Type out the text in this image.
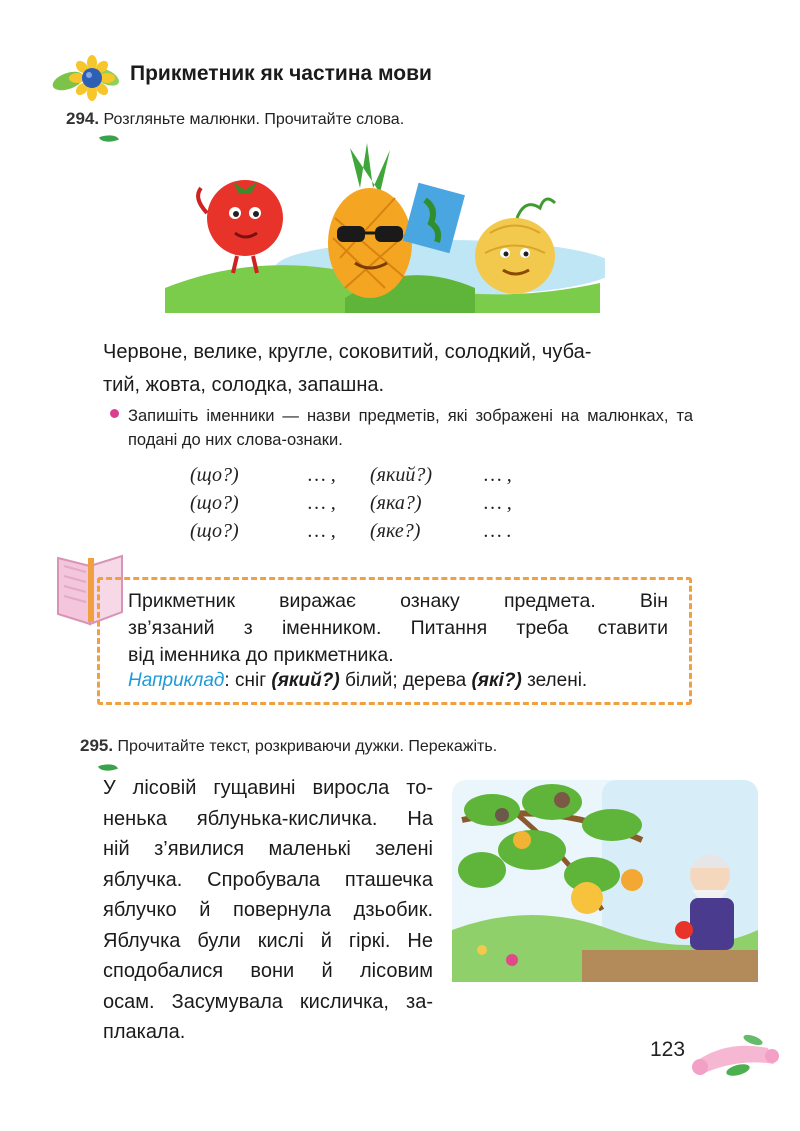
Прикметник як частина мови
294. Розгляньте малюнки. Прочитайте слова.
Червоне, велике, кругле, соковитий, солодкий, чуба-
тий, жовта, солодка, запашна.
Запишіть іменники — назви предметів, які зображені на малюнках, та подані до них слова-ознаки.
(що?)	… , (який?)	… ,
(що?)	… , (яка?)	… ,
(що?)	… , (яке?)	… .
Прикметник виражає ознаку предмета. Він
зв’язаний з іменником. Питання треба ставити
від іменника до прикметника.
Наприклад: сніг (який?) білий; дерева (які?) зелені.
295. Прочитайте текст, розкриваючи дужки. Перекажіть.
У лісовій гущавині виросла то-
ненька яблунька-кисличка. На
ній з’явилися маленькі зелені
яблучка. Спробувала пташечка
яблучко й повернула дзьобик.
Яблучка були кислі й гіркі. Не
сподобалися вони й лісовим
осам. Засумувала кисличка, за-
плакала.
123
